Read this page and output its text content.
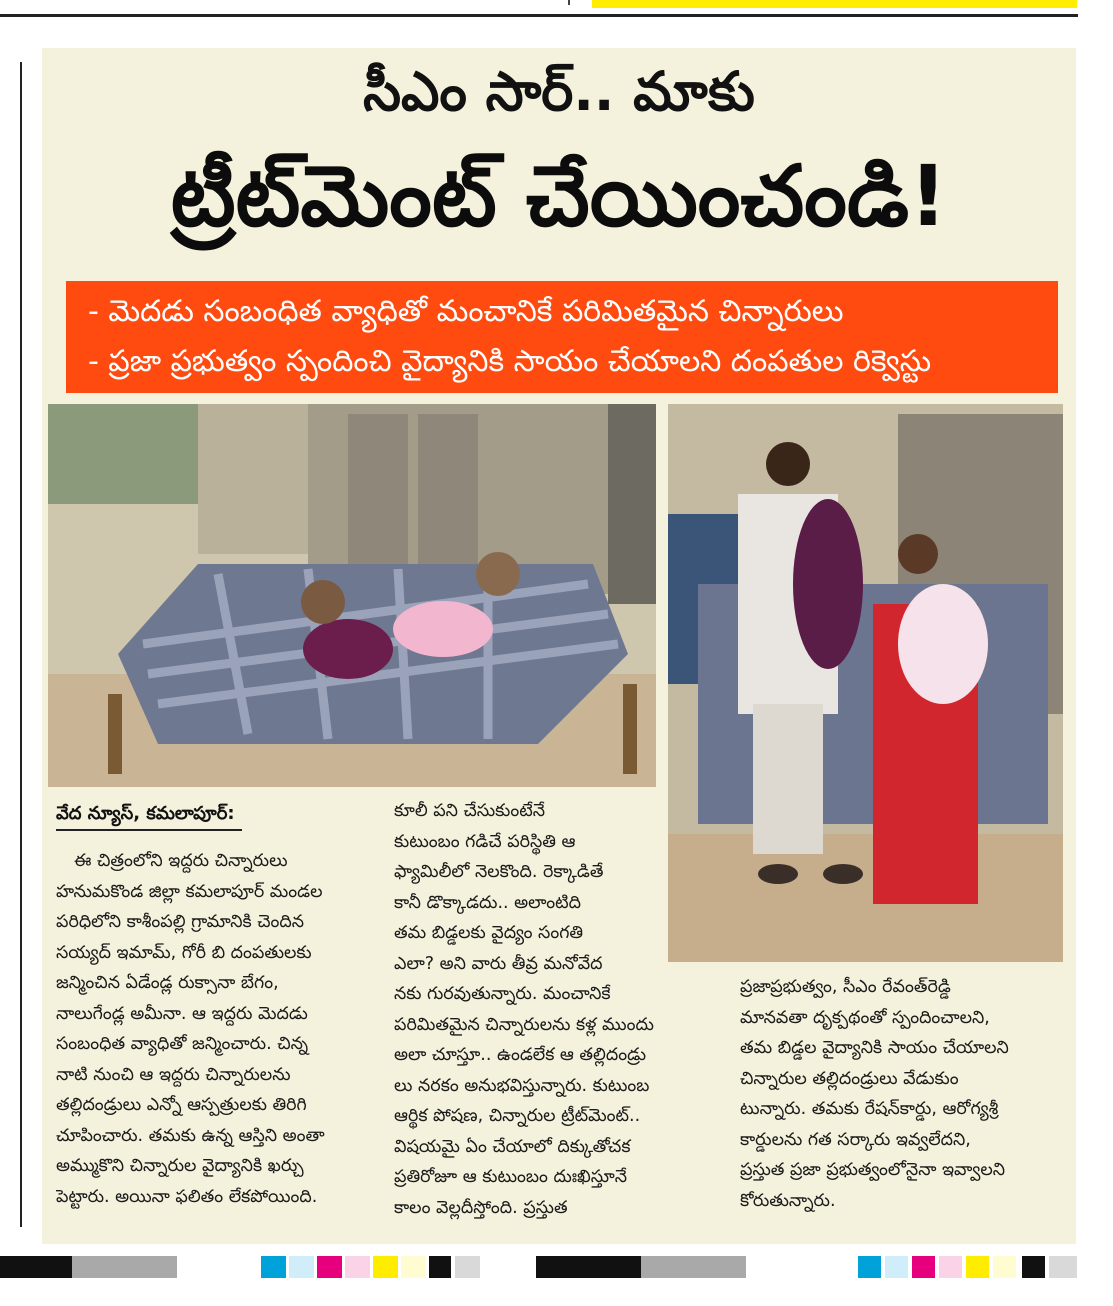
సీఎం సార్.. మాకు
ట్రీట్‌మెంట్ చేయించండి!
- మెదడు సంబంధిత వ్యాధితో మంచానికే పరిమితమైన చిన్నారులు
- ప్రజా ప్రభుత్వం స్పందించి వైద్యానికి సాయం చేయాలని దంపతుల రిక్వెస్టు
వేద న్యూస్, కమలాపూర్:

ఈ చిత్రంలోని ఇద్దరు చిన్నారులు

హనుమకొండ జిల్లా కమలాపూర్ మండల

పరిధిలోని కాశీంపల్లి గ్రామానికి చెందిన

సయ్యద్ ఇమామ్, గోరీ బి దంపతులకు

జన్మించిన ఏడేండ్ల రుక్సానా బేగం,

నాలుగేండ్ల అమీనా. ఆ ఇద్దరు మెదడు

సంబంధిత వ్యాధితో జన్మించారు. చిన్న

నాటి నుంచి ఆ ఇద్దరు చిన్నారులను

తల్లిదండ్రులు ఎన్నో ఆస్పత్రులకు తిరిగి

చూపించారు. తమకు ఉన్న ఆస్తిని అంతా

అమ్ముకొని చిన్నారుల వైద్యానికి ఖర్చు

పెట్టారు. అయినా ఫలితం లేకపోయింది.

కూలీ పని చేసుకుంటేనే

కుటుంబం గడిచే పరిస్థితి ఆ

ఫ్యామిలీలో నెలకొంది. రెక్కాడితే

కానీ డొక్కాడదు.. అలాంటిది

తమ బిడ్డలకు వైద్యం సంగతి

ఎలా? అని వారు తీవ్ర మనోవేద

నకు గురవుతున్నారు. మంచానికే

పరిమితమైన చిన్నారులను కళ్ల ముందు

అలా చూస్తూ.. ఉండలేక ఆ తల్లిదండ్రు

లు నరకం అనుభవిస్తున్నారు. కుటుంబ

ఆర్థిక పోషణ, చిన్నారుల ట్రీట్‌మెంట్..

విషయమై ఏం చేయాలో దిక్కుతోచక

ప్రతిరోజూ ఆ కుటుంబం దుఃఖిస్తూనే

కాలం వెల్లదీస్తోంది. ప్రస్తుత

ప్రజాప్రభుత్వం, సీఎం రేవంత్‌రెడ్డి

మానవతా దృక్పథంతో స్పందించాలని,

తమ బిడ్డల వైద్యానికి సాయం చేయాలని

చిన్నారుల తల్లిదండ్రులు వేడుకుం

టున్నారు. తమకు రేషన్‌కార్డు, ఆరోగ్యశ్రీ

కార్డులను గత సర్కారు ఇవ్వలేదని,

ప్రస్తుత ప్రజా ప్రభుత్వంలోనైనా ఇవ్వాలని

కోరుతున్నారు.
